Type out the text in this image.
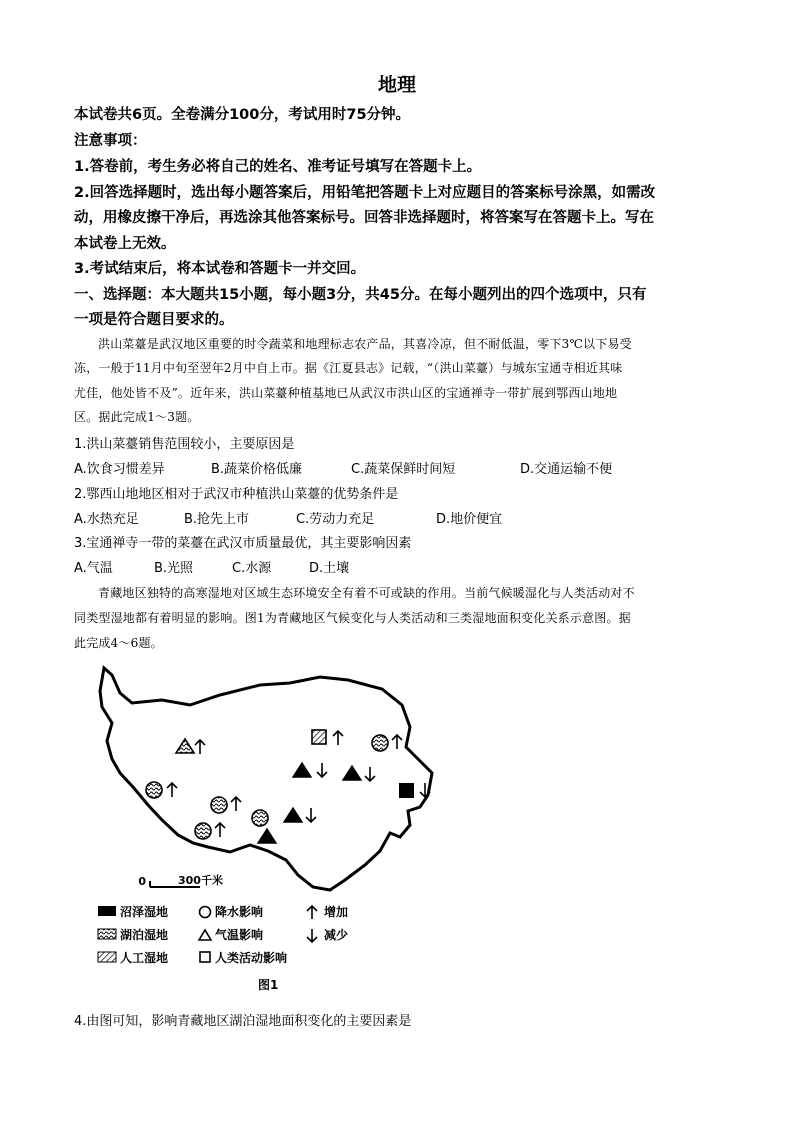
地理
本试卷共6页。全卷满分100分，考试用时75分钟。
注意事项：
1.答卷前，考生务必将自己的姓名、准考证号填写在答题卡上。
2.回答选择题时，选出每小题答案后，用铅笔把答题卡上对应题目的答案标号涂黑，如需改
动，用橡皮擦干净后，再选涂其他答案标号。回答非选择题时，将答案写在答题卡上。写在
本试卷上无效。
3.考试结束后，将本试卷和答题卡一并交回。
一、选择题：本大题共15小题，每小题3分，共45分。在每小题列出的四个选项中，只有
一项是符合题目要求的。
洪山菜薹是武汉地区重要的时令蔬菜和地理标志农产品，其喜冷凉，但不耐低温，零下3℃以下易受
冻，一般于11月中旬至翌年2月中自上市。据《江夏县志》记载，“（洪山菜薹）与城东宝通寺相近其味
尤佳，他处皆不及”。近年来，洪山菜薹种植基地已从武汉市洪山区的宝通禅寺一带扩展到鄂西山地地
区。据此完成1～3题。
1.洪山菜薹销售范围较小，主要原因是
A.饮食习惯差异	B.蔬菜价格低廉	C.蔬菜保鲜时间短	D.交通运输不便
2.鄂西山地地区相对于武汉市种植洪山菜薹的优势条件是
A.水热充足	B.抢先上市	C.劳动力充足	D.地价便宜
3.宝通禅寺一带的菜薹在武汉市质量最优，其主要影响因素
A.气温	B.光照	C.水源	D.土壤
青藏地区独特的高寒湿地对区域生态环境安全有着不可或缺的作用。当前气候暖湿化与人类活动对不
同类型湿地都有着明显的影响。图1为青藏地区气候变化与人类活动和三类湿地面积变化关系示意图。据
此完成4～6题。
0	300千米
沼泽湿地
湖泊湿地
人工湿地
降水影响
气温影响
人类活动影响
增加
减少
图1
4.由图可知，影响青藏地区湖泊湿地面积变化的主要因素是
